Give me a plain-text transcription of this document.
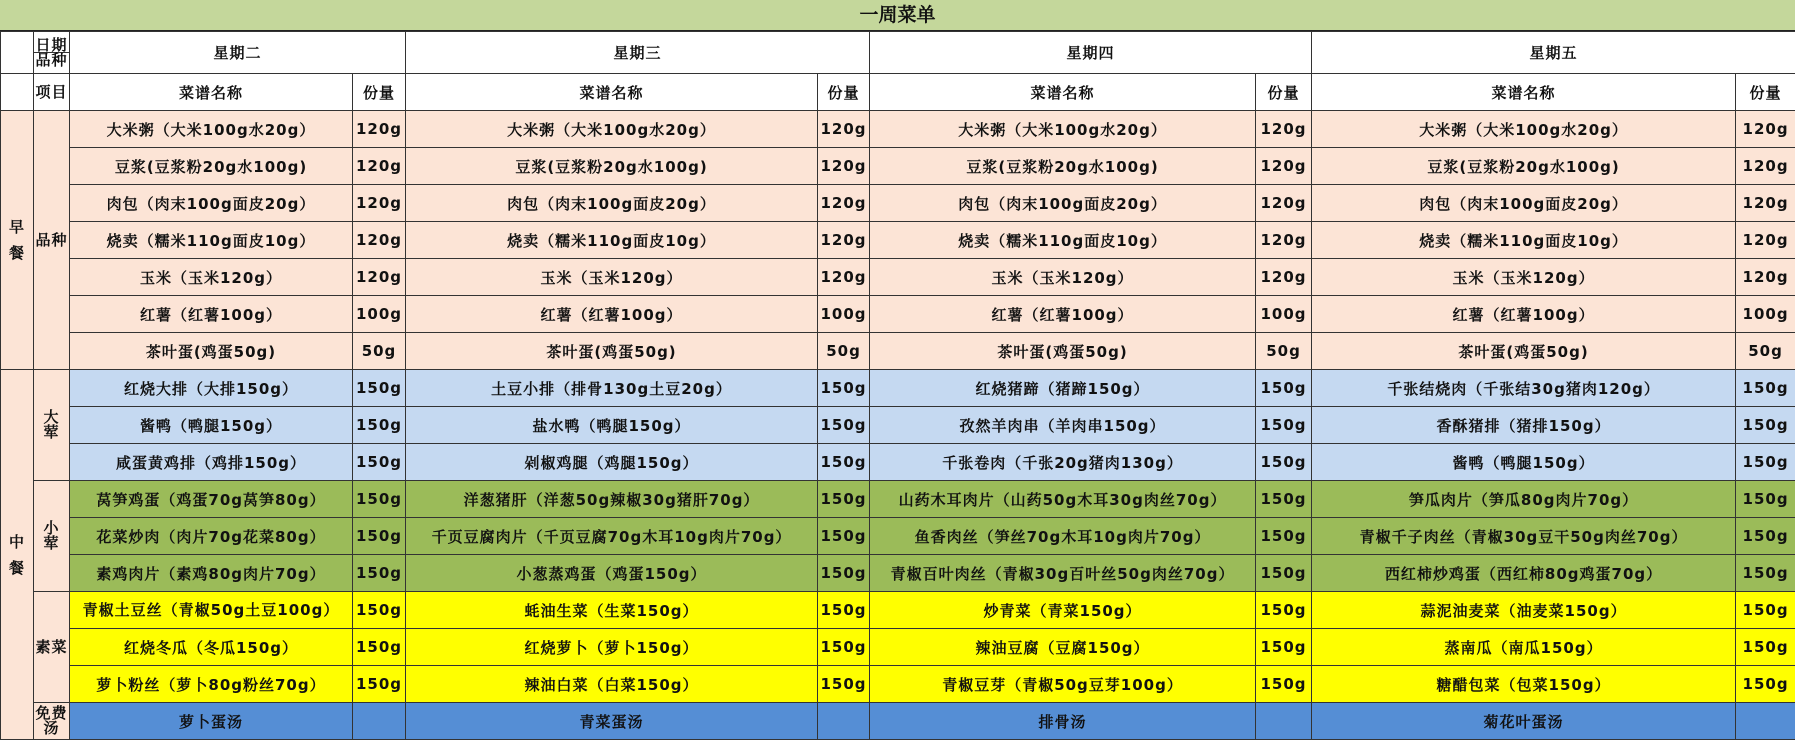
一周菜单

	日期
品种	星期二		星期三		星期四		星期五	
	项目	菜谱名称	份量	菜谱名称	份量	菜谱名称	份量	菜谱名称	份量
早
餐	品种	大米粥（大米100g水20g）	120g	大米粥（大米100g水20g）	120g	大米粥（大米100g水20g）	120g	大米粥（大米100g水20g）	120g
		豆浆(豆浆粉20g水100g)	120g	豆浆(豆浆粉20g水100g)	120g	豆浆(豆浆粉20g水100g)	120g	豆浆(豆浆粉20g水100g)	120g
		肉包（肉末100g面皮20g）	120g	肉包（肉末100g面皮20g）	120g	肉包（肉末100g面皮20g）	120g	肉包（肉末100g面皮20g）	120g
		烧卖（糯米110g面皮10g）	120g	烧卖（糯米110g面皮10g）	120g	烧卖（糯米110g面皮10g）	120g	烧卖（糯米110g面皮10g）	120g
		玉米（玉米120g）	120g	玉米（玉米120g）	120g	玉米（玉米120g）	120g	玉米（玉米120g）	120g
		红薯（红薯100g）	100g	红薯（红薯100g）	100g	红薯（红薯100g）	100g	红薯（红薯100g）	100g
		茶叶蛋(鸡蛋50g)	50g	茶叶蛋(鸡蛋50g)	50g	茶叶蛋(鸡蛋50g)	50g	茶叶蛋(鸡蛋50g)	50g
中
餐	大
荤	红烧大排（大排150g）	150g	土豆小排（排骨130g土豆20g）	150g	红烧猪蹄（猪蹄150g）	150g	千张结烧肉（千张结30g猪肉120g）	150g
		酱鸭（鸭腿150g）	150g	盐水鸭（鸭腿150g）	150g	孜然羊肉串（羊肉串150g）	150g	香酥猪排（猪排150g）	150g
		咸蛋黄鸡排（鸡排150g）	150g	剁椒鸡腿（鸡腿150g）	150g	千张卷肉（千张20g猪肉130g）	150g	酱鸭（鸭腿150g）	150g
	小
荤	莴笋鸡蛋（鸡蛋70g莴笋80g）	150g	洋葱猪肝（洋葱50g辣椒30g猪肝70g）	150g	山药木耳肉片（山药50g木耳30g肉丝70g）	150g	笋瓜肉片（笋瓜80g肉片70g）	150g
		花菜炒肉（肉片70g花菜80g）	150g	千页豆腐肉片（千页豆腐70g木耳10g肉片70g）	150g	鱼香肉丝（笋丝70g木耳10g肉片70g）	150g	青椒千子肉丝（青椒30g豆干50g肉丝70g）	150g
		素鸡肉片（素鸡80g肉片70g）	150g	小葱蒸鸡蛋（鸡蛋150g）	150g	青椒百叶肉丝（青椒30g百叶丝50g肉丝70g）	150g	西红柿炒鸡蛋（西红柿80g鸡蛋70g）	150g
	素菜	青椒土豆丝（青椒50g土豆100g）	150g	蚝油生菜（生菜150g）	150g	炒青菜（青菜150g）	150g	蒜泥油麦菜（油麦菜150g）	150g
		红烧冬瓜（冬瓜150g）	150g	红烧萝卜（萝卜150g）	150g	辣油豆腐（豆腐150g）	150g	蒸南瓜（南瓜150g）	150g
		萝卜粉丝（萝卜80g粉丝70g）	150g	辣油白菜（白菜150g）	150g	青椒豆芽（青椒50g豆芽100g）	150g	糖醋包菜（包菜150g）	150g
	免费
汤	萝卜蛋汤		青菜蛋汤		排骨汤		菊花叶蛋汤	
